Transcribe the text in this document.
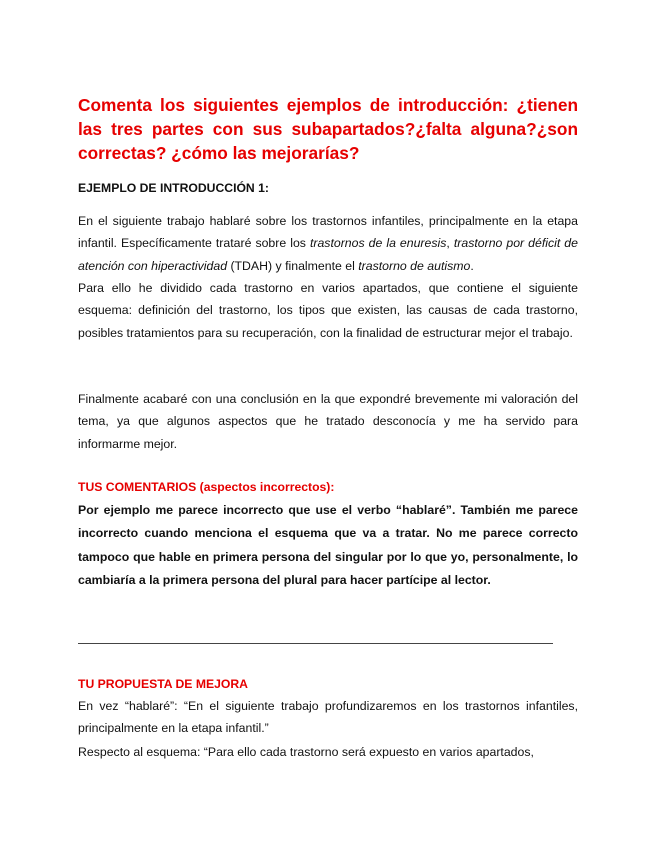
Comenta los siguientes ejemplos de introducción: ¿tienen las tres partes con sus subapartados?¿falta alguna?¿son correctas? ¿cómo las mejorarías?
EJEMPLO DE INTRODUCCIÓN 1:

En el siguiente trabajo hablaré sobre los trastornos infantiles, principalmente en la etapa infantil. Específicamente trataré sobre los trastornos de la enuresis, trastorno por déficit de atención con hiperactividad (TDAH) y finalmente el trastorno de autismo.

Para ello he dividido cada trastorno en varios apartados, que contiene el siguiente esquema: definición del trastorno, los tipos que existen, las causas de cada trastorno, posibles tratamientos para su recuperación, con la finalidad de estructurar mejor el trabajo.

Finalmente acabaré con una conclusión en la que expondré brevemente mi valoración del tema, ya que algunos aspectos que he tratado desconocía y me ha servido para informarme mejor.

TUS COMENTARIOS (aspectos incorrectos):

Por ejemplo me parece incorrecto que use el verbo “hablaré”. También me parece incorrecto cuando menciona el esquema que va a tratar. No me parece correcto tampoco que hable en primera persona del singular por lo que yo, personalmente, lo cambiaría a la primera persona del plural para hacer partícipe al lector.

TU PROPUESTA DE MEJORA

En vez “hablaré”: “En el siguiente trabajo profundizaremos en los trastornos infantiles, principalmente en la etapa infantil.”

Respecto al esquema: “Para ello cada trastorno será expuesto en varios apartados,
